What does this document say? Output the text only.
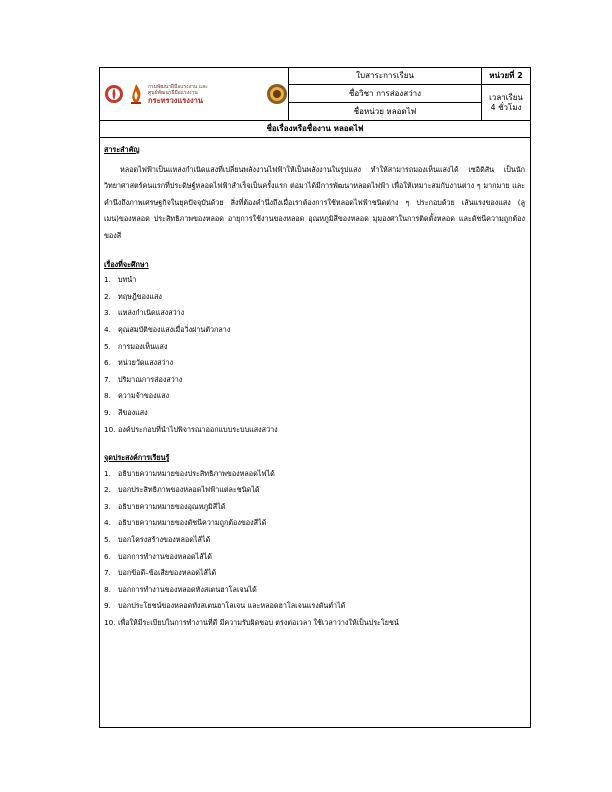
กรมพัฒนาฝีมือแรงงาน และ
ศูนย์พัฒนาฝีมือแรงงาน
กระทรวงแรงงาน
ใบสาระการเรียน
ชื่อวิชา การส่องสว่าง
ชื่อหน่วย หลอดไฟ
หน่วยที่ 2
เวลาเรียน
4 ชั่วโมง
ชื่อเรื่องหรือชื่องาน หลอดไฟ

สาระสำคัญ

หลอดไฟฟ้าเป็นแหล่งกำเนิดแสงที่เปลี่ยนพลังงานไฟฟ้าให้เป็นพลังงานในรูปแสง ทำให้สามารถมองเห็นแสงได้ เซอิดิสัน เป็นนักวิทยาศาสตร์คนแรกที่ประดิษฐ์หลอดไฟฟ้าสำเร็จเป็นครั้งแรก ต่อมาได้มีการพัฒนาหลอดไฟฟ้า เพื่อให้เหมาะสมกับงานต่าง ๆ มากมาย และคำนึงถึงภาพเศรษฐกิจในยุคปัจจุบันด้วย สิ่งที่ต้องคำนึงถึงเมื่อเราต้องการใช้หลอดไฟฟ้าชนิดต่าง ๆ ประกอบด้วย เส้นแรงของแสง (ลูเมน)ของหลอด ประสิทธิภาพของหลอด อายุการใช้งานของหลอด อุณหภูมิสีของหลอด มุมองศาในการติดตั้งหลอด และดัชนีความถูกต้องของสี

เรื่องที่จะศึกษา

1. บทนำ
2. ทฤษฎีของแสง
3. แหล่งกำเนิดแสงสว่าง
4. คุณสมบัติของแสงเมื่อวิ่งผ่านตัวกลาง
5. การมองเห็นแสง
6. หน่วยวัดแสงสว่าง
7. ปริมาณการส่องสว่าง
8. ความจ้าของแสง
9. สีของแสง
10. องค์ประกอบที่นำไปพิจารณาออกแบบระบบแสงสว่าง

จุดประสงค์การเรียนรู้

1. อธิบายความหมายของประสิทธิภาพของหลอดไฟได้
2. บอกประสิทธิภาพของหลอดไฟฟ้าแต่ละชนิดได้
3. อธิบายความหมายของอุณหภูมิสีได้
4. อธิบายความหมายของดัชนีความถูกต้องของสีได้
5. บอกโครงสร้างของหลอดไส้ได้
6. บอกการทำงานของหลอดไส้ได้
7. บอกข้อดี–ข้อเสียของหลอดไส้ได้
8. บอกการทำงานของหลอดทังสเตนฮาโลเจนได้
9. บอกประโยชน์ของหลอดทังสเตนฮาโลเจน และหลอดฮาโลเจนแรงดันต่ำได้
10. เพื่อให้มีระเบียบในการทำงานที่ดี มีความรับผิดชอบ ตรงต่อเวลา ใช้เวลาว่างให้เป็นประโยชน์
